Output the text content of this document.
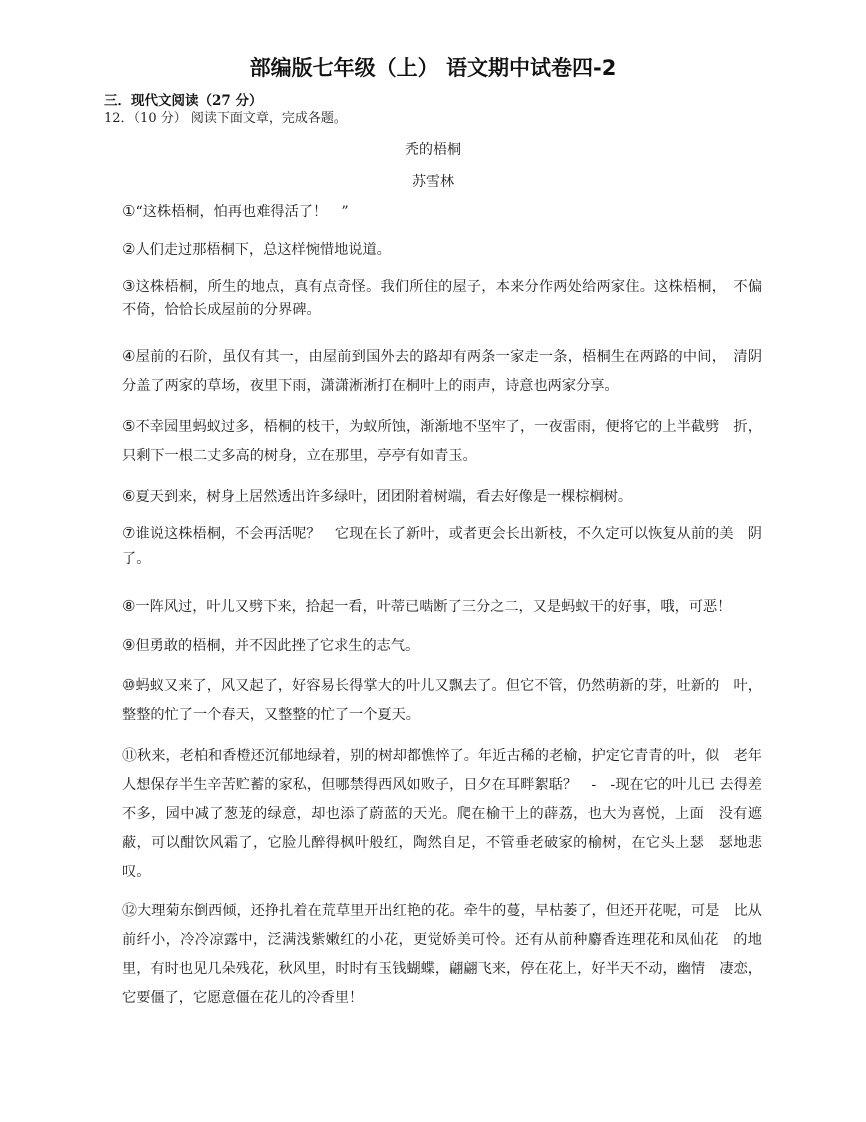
部编版七年级（上） 语文期中试卷四-2
三．现代文阅读（27 分）
12．（10 分） 阅读下面文章，完成各题。
秃的梧桐
苏雪林
①“这株梧桐，怕再也难得活了！　”
②人们走过那梧桐下，总这样惋惜地说道。
③这株梧桐，所生的地点，真有点奇怪。我们所住的屋子，本来分作两处给两家住。这株梧桐，　不偏不倚，恰恰长成屋前的分界碑。
④屋前的石阶，虽仅有其一，由屋前到国外去的路却有两条一家走一条，梧桐生在两路的中间，　清阴分盖了两家的草场，夜里下雨，潇潇淅淅打在桐叶上的雨声，诗意也两家分享。
⑤不幸园里蚂蚁过多，梧桐的枝干，为蚁所蚀，渐渐地不坚牢了，一夜雷雨，便将它的上半截劈　折，只剩下一根二丈多高的树身，立在那里，亭亭有如青玉。
⑥夏天到来，树身上居然透出许多绿叶，团团附着树端，看去好像是一棵棕榈树。
⑦谁说这株梧桐，不会再活呢？　它现在长了新叶，或者更会长出新枝，不久定可以恢复从前的美　阴了。
⑧一阵风过，叶儿又劈下来，拾起一看，叶蒂已啮断了三分之二，又是蚂蚁干的好事，哦，可恶！
⑨但勇敢的梧桐，并不因此挫了它求生的志气。
⑩蚂蚁又来了，风又起了，好容易长得掌大的叶儿又飘去了。但它不管，仍然萌新的芽，吐新的　叶，整整的忙了一个春天，又整整的忙了一个夏天。
⑪秋来，老柏和香橙还沉郁地绿着，别的树却都憔悴了。年近古稀的老榆，护定它青青的叶，似　老年人想保存半生辛苦贮蓄的家私，但哪禁得西风如败子，日夕在耳畔絮聒？　-　-现在它的叶儿已 去得差不多，园中减了葱茏的绿意，却也添了蔚蓝的天光。爬在榆干上的薜荔，也大为喜悦，上面　没有遮蔽，可以酣饮风霜了，它脸儿醉得枫叶般红，陶然自足，不管垂老破家的榆树，在它头上瑟　瑟地悲叹。
⑫大理菊东倒西倾，还挣扎着在荒草里开出红艳的花。牵牛的蔓，早枯萎了，但还开花呢，可是　比从前纤小，冷冷凉露中，泛满浅紫嫩红的小花，更觉娇美可怜。还有从前种麝香连理花和凤仙花　的地里，有时也见几朵残花，秋风里，时时有玉钱蝴蝶，翩翩飞来，停在花上，好半天不动，幽情　凄恋，它要僵了，它愿意僵在花儿的冷香里！
